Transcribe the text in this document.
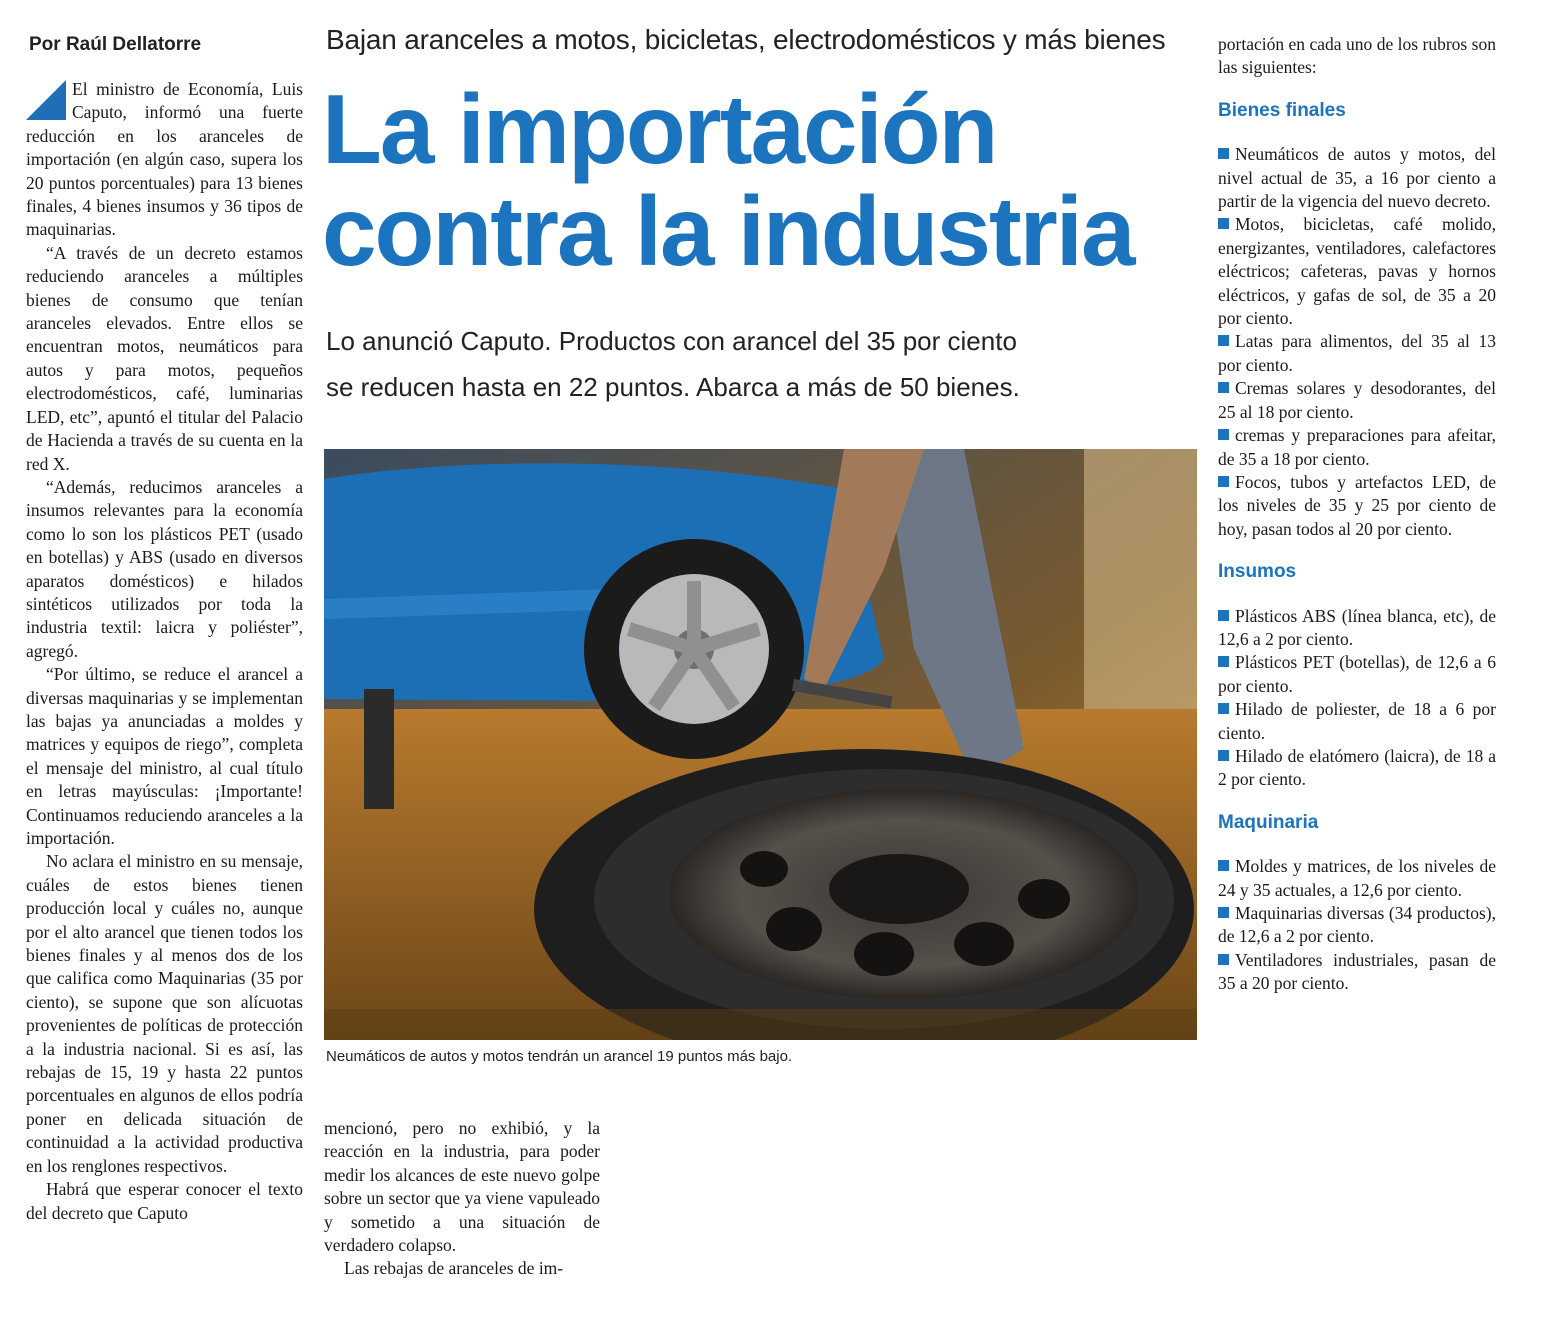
Por Raúl Dellatorre

El ministro de Economía, Luis Caputo, informó una fuerte reducción en los aranceles de importación (en algún caso, supera los 20 puntos porcentuales) para 13 bienes finales, 4 bienes insumos y 36 tipos de maquinarias.

“A través de un decreto estamos reduciendo aranceles a múltiples bienes de consumo que tenían aranceles elevados. Entre ellos se encuentran motos, neumáticos para autos y para motos, pequeños electrodomésticos, café, luminarias LED, etc”, apuntó el titular del Palacio de Hacienda a través de su cuenta en la red X.

“Además, reducimos aranceles a insumos relevantes para la economía como lo son los plásticos PET (usado en botellas) y ABS (usado en diversos aparatos domésticos) e hilados sintéticos utilizados por toda la industria textil: laicra y poliéster”, agregó.

“Por último, se reduce el arancel a diversas maquinarias y se implementan las bajas ya anunciadas a moldes y matrices y equipos de riego”, completa el mensaje del ministro, al cual título en letras mayúsculas: ¡Importante! Continuamos reduciendo aranceles a la importación.

No aclara el ministro en su mensaje, cuáles de estos bienes tienen producción local y cuáles no, aunque por el alto arancel que tienen todos los bienes finales y al menos dos de los que califica como Maquinarias (35 por ciento), se supone que son alícuotas provenientes de políticas de protección a la industria nacional. Si es así, las rebajas de 15, 19 y hasta 22 puntos porcentuales en algunos de ellos podría poner en delicada situación de continuidad a la actividad productiva en los renglones respectivos.

Habrá que esperar conocer el texto del decreto que Caputo

Bajan aranceles a motos, bicicletas, electrodomésticos y más bienes
La importación
contra la industria
Lo anunció Caputo. Productos con arancel del 35 por ciento
se reducen hasta en 22 puntos. Abarca a más de 50 bienes.
Neumáticos de autos y motos tendrán un arancel 19 puntos más bajo.

mencionó, pero no exhibió, y la reacción en la industria, para poder medir los alcances de este nuevo golpe sobre un sector que ya viene vapuleado y sometido a una situación de verdadero colapso.

Las rebajas de aranceles de im-

portación en cada uno de los rubros son las siguientes:

Bienes finales

Neumáticos de autos y motos, del nivel actual de 35, a 16 por ciento a partir de la vigencia del nuevo decreto.

Motos, bicicletas, café molido, energizantes, ventiladores, calefactores eléctricos; cafeteras, pavas y hornos eléctricos, y gafas de sol, de 35 a 20 por ciento.

Latas para alimentos, del 35 al 13 por ciento.

Cremas solares y desodorantes, del 25 al 18 por ciento.

cremas y preparaciones para afeitar, de 35 a 18 por ciento.

Focos, tubos y artefactos LED, de los niveles de 35 y 25 por ciento de hoy, pasan todos al 20 por ciento.

Insumos

Plásticos ABS (línea blanca, etc), de 12,6 a 2 por ciento.

Plásticos PET (botellas), de 12,6 a 6 por ciento.

Hilado de poliester, de 18 a 6 por ciento.

Hilado de elatómero (laicra), de 18 a 2 por ciento.

Maquinaria

Moldes y matrices, de los niveles de 24 y 35 actuales, a 12,6 por ciento.

Maquinarias diversas (34 productos), de 12,6 a 2 por ciento.

Ventiladores industriales, pasan de 35 a 20 por ciento.
